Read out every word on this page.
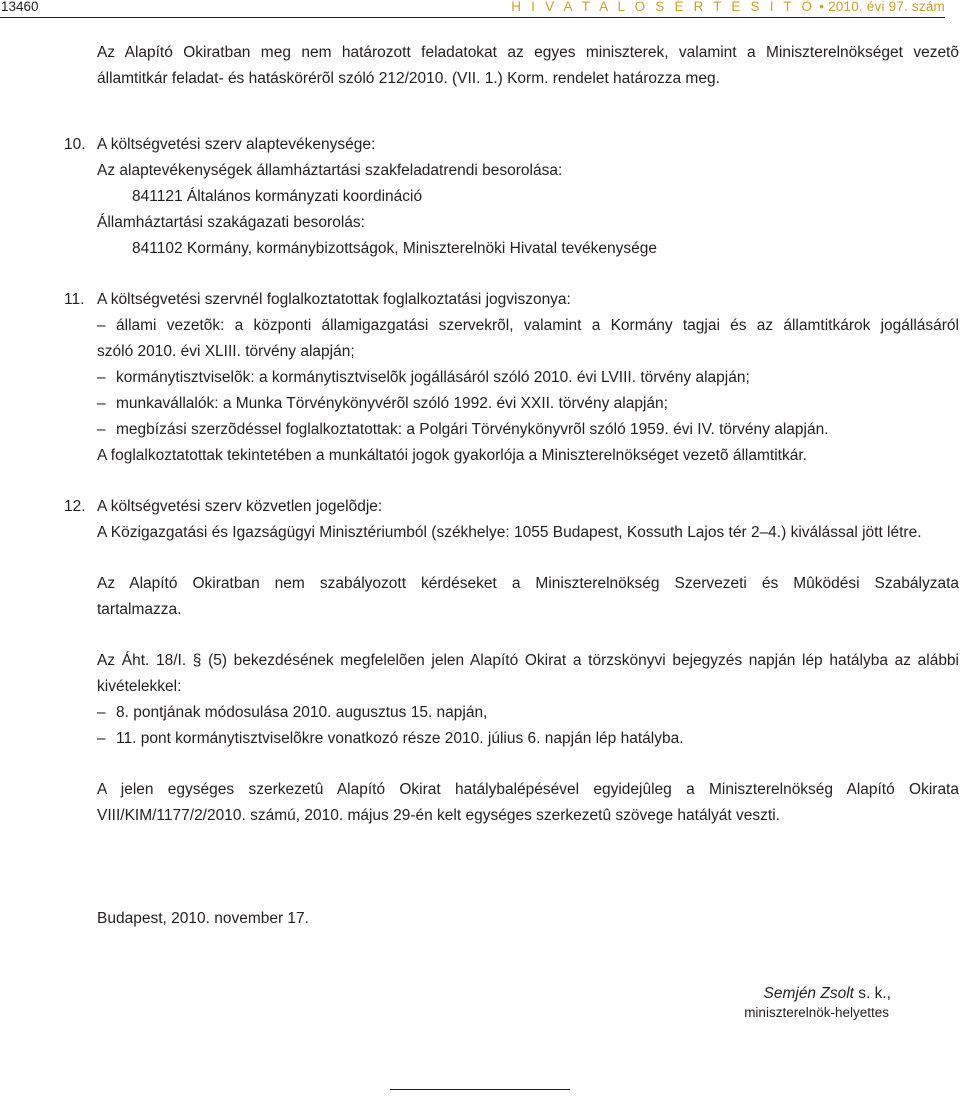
13460	H I V A T A L O S É R T E S Í T Õ • 2010. évi 97. szám
Az Alapító Okiratban meg nem határozott feladatokat az egyes miniszterek, valamint a Miniszterelnökséget vezetõ
államtitkár feladat- és hatáskörérõl szóló 212/2010. (VII. 1.) Korm. rendelet határozza meg.
10. A költségvetési szerv alaptevékenysége:
Az alaptevékenységek államháztartási szakfeladatrendi besorolása:
841121 Általános kormányzati koordináció
Államháztartási szakágazati besorolás:
841102 Kormány, kormánybizottságok, Miniszterelnöki Hivatal tevékenysége
11. A költségvetési szervnél foglalkoztatottak foglalkoztatási jogviszonya:
– állami vezetõk: a központi államigazgatási szervekrõl, valamint a Kormány tagjai és az államtitkárok jogállásáról
szóló 2010. évi XLIII. törvény alapján;
– kormánytisztviselõk: a kormánytisztviselõk jogállásáról szóló 2010. évi LVIII. törvény alapján;
– munkavállalók: a Munka Törvénykönyvérõl szóló 1992. évi XXII. törvény alapján;
– megbízási szerzõdéssel foglalkoztatottak: a Polgári Törvénykönyvrõl szóló 1959. évi IV. törvény alapján.
A foglalkoztatottak tekintetében a munkáltatói jogok gyakorlója a Miniszterelnökséget vezetõ államtitkár.
12. A költségvetési szerv közvetlen jogelõdje:
A Közigazgatási és Igazságügyi Minisztériumból (székhelye: 1055 Budapest, Kossuth Lajos tér 2–4.) kiválással jött létre.
Az Alapító Okiratban nem szabályozott kérdéseket a Miniszterelnökség Szervezeti és Mûködési Szabályzata
tartalmazza.
Az Áht. 18/I. § (5) bekezdésének megfelelõen jelen Alapító Okirat a törzskönyvi bejegyzés napján lép hatályba az alábbi
kivételekkel:
– 8. pontjának módosulása 2010. augusztus 15. napján,
– 11. pont kormánytisztviselõkre vonatkozó része 2010. július 6. napján lép hatályba.
A jelen egységes szerkezetû Alapító Okirat hatálybalépésével egyidejûleg a Miniszterelnökség Alapító Okirata
VIII/KIM/1177/2/2010. számú, 2010. május 29-én kelt egységes szerkezetû szövege hatályát veszti.
Budapest, 2010. november 17.
Semjén Zsolt s. k.,
miniszterelnök-helyettes
